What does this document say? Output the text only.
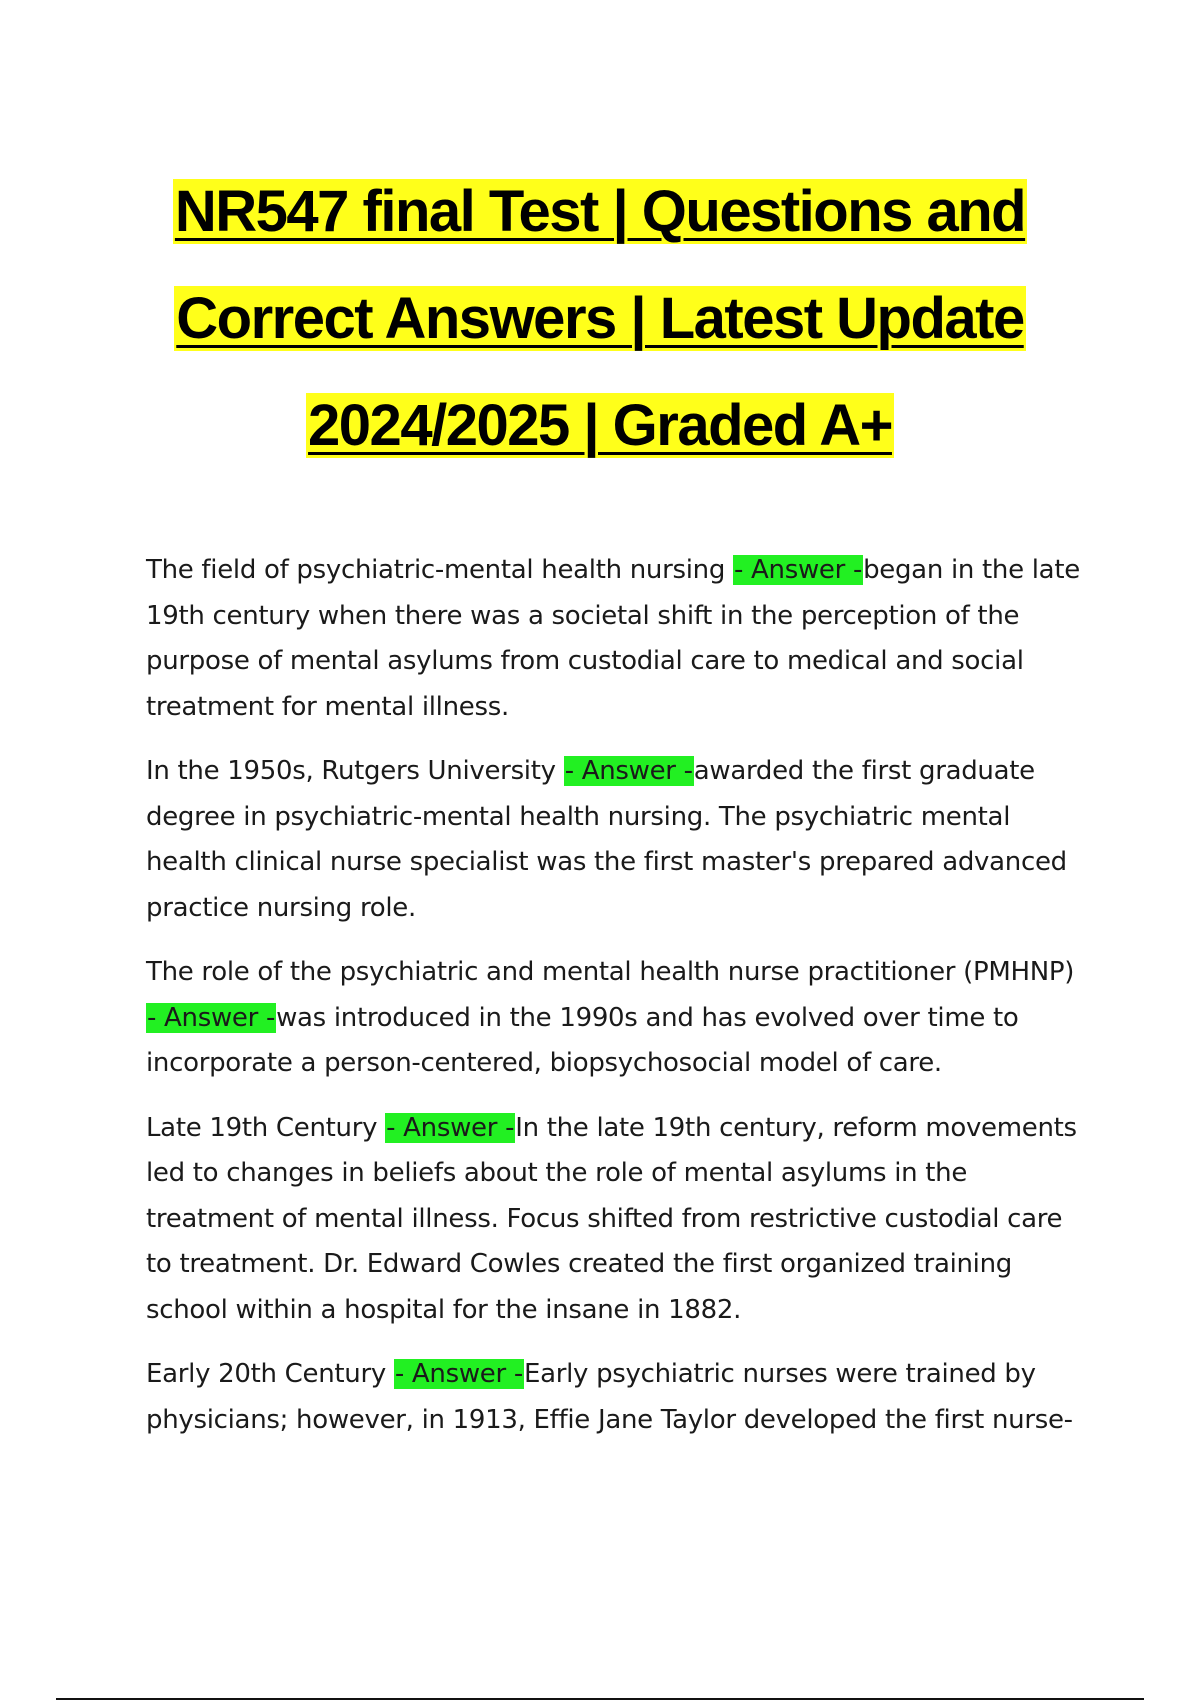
NR547 final Test | Questions and
Correct Answers | Latest Update
2024/2025 | Graded A+

The field of psychiatric-mental health nursing - Answer -began in the late 19th century when there was a societal shift in the perception of the purpose of mental asylums from custodial care to medical and social treatment for mental illness.

In the 1950s, Rutgers University - Answer -awarded the first graduate degree in psychiatric-mental health nursing. The psychiatric mental health clinical nurse specialist was the first master's prepared advanced practice nursing role.

The role of the psychiatric and mental health nurse practitioner (PMHNP) - Answer -was introduced in the 1990s and has evolved over time to incorporate a person-centered, biopsychosocial model of care.

Late 19th Century - Answer -In the late 19th century, reform movements led to changes in beliefs about the role of mental asylums in the treatment of mental illness. Focus shifted from restrictive custodial care to treatment. Dr. Edward Cowles created the first organized training school within a hospital for the insane in 1882.

Early 20th Century - Answer -Early psychiatric nurses were trained by physicians; however, in 1913, Effie Jane Taylor developed the first nurse-
